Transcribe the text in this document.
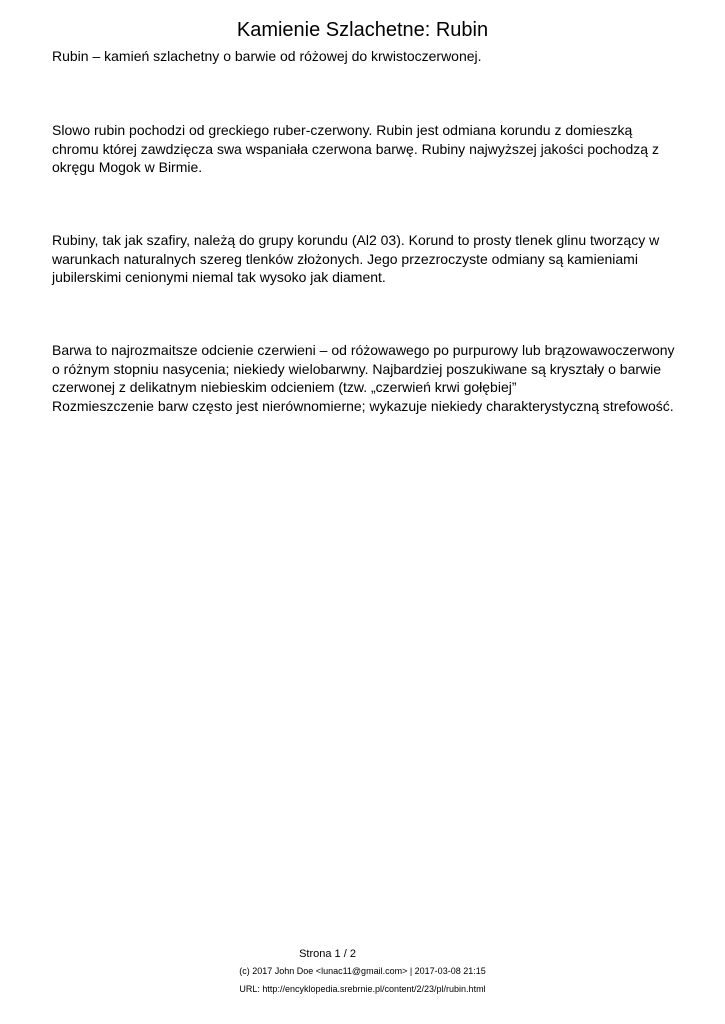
Kamienie Szlachetne: Rubin
Rubin – kamień szlachetny o barwie od różowej do krwistoczerwonej.

Slowo rubin pochodzi od greckiego ruber-czerwony. Rubin jest odmiana korundu z domieszką chromu której zawdzięcza swa wspaniała czerwona barwę. Rubiny najwyższej jakości pochodzą z okręgu Mogok w Birmie.

Rubiny, tak jak szafiry, należą do grupy korundu (Al2 03). Korund to prosty tlenek glinu tworzący w warunkach naturalnych szereg tlenków złożonych. Jego przezroczyste odmiany są kamieniami jubilerskimi cenionymi niemal tak wysoko jak diament.

Barwa to najrozmaitsze odcienie czerwieni – od różowawego po purpurowy lub brązowawoczerwony o różnym stopniu nasycenia; niekiedy wielobarwny. Najbardziej poszukiwane są kryształy o barwie czerwonej z delikatnym niebieskim odcieniem (tzw. „czerwień krwi gołębiej”
Rozmieszczenie barw często jest nierównomierne; wykazuje niekiedy charakterystyczną strefowość.

Strona 1 / 2
(c) 2017 John Doe <lunac11@gmail.com> | 2017-03-08 21:15
URL: http://encyklopedia.srebrnie.pl/content/2/23/pl/rubin.html
